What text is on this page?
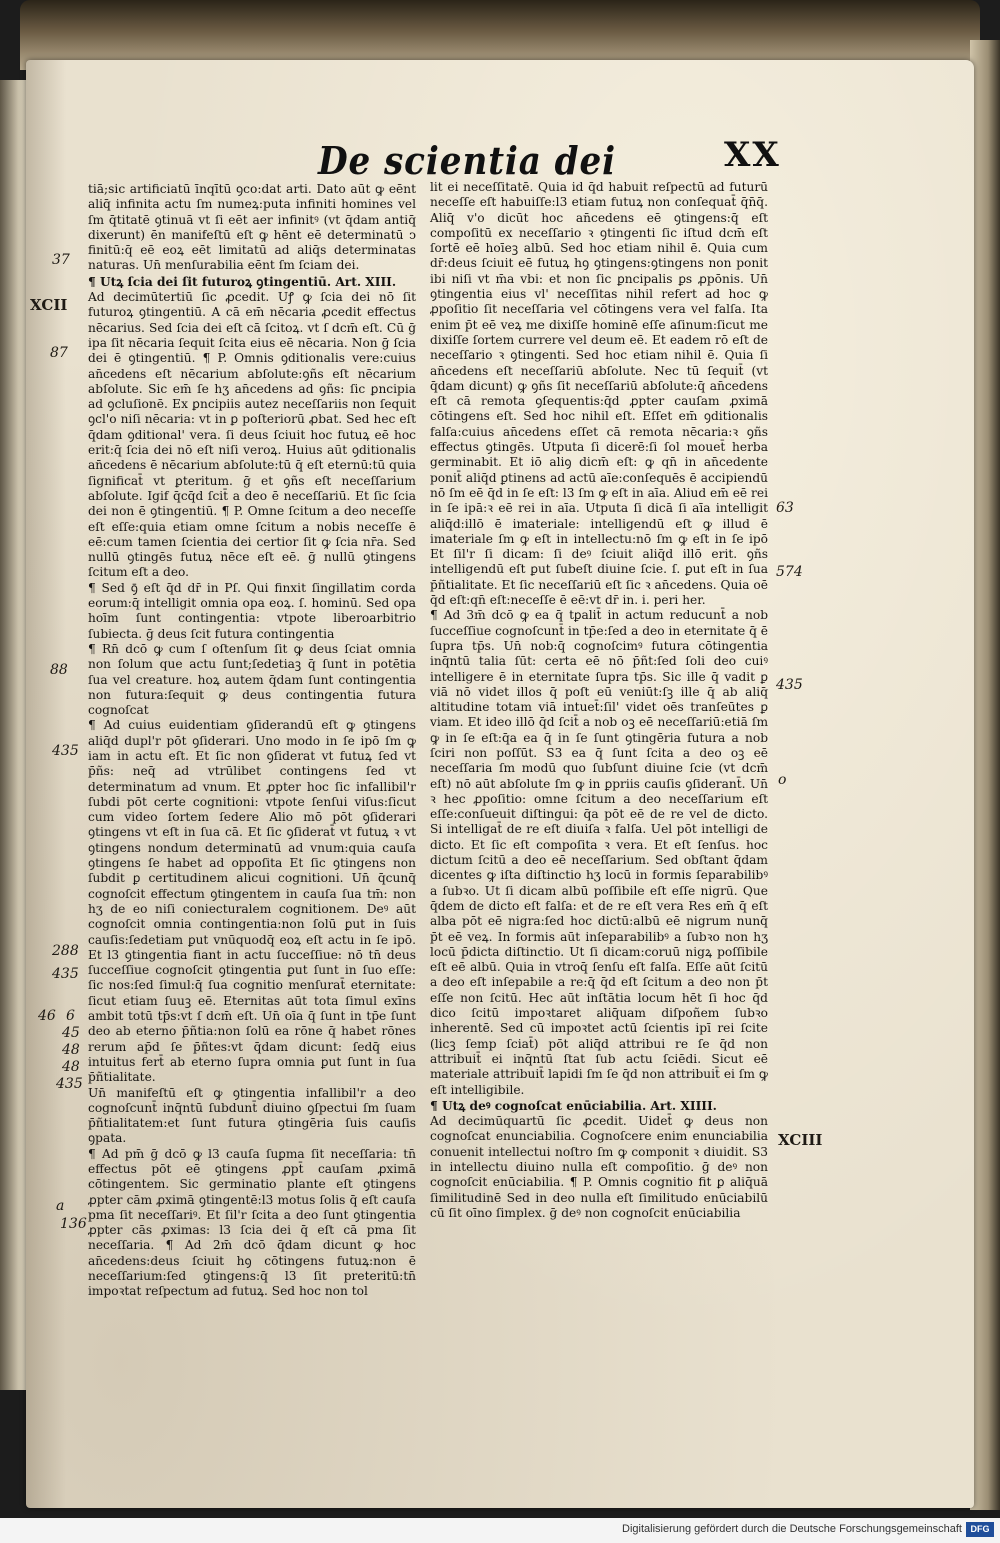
De scientia dei	XX

tiā;sic artificiatū īnqītū ꝯco:dat arti. Dato aūt ꝙ eēnt aliq̄ infinita actu ſm numeꝝ:puta infiniti homines vel ſm q̄titatē ꝯtinuā vt ſi eēt aer infinitꝰ (vt q̄dam antiq̄ dixerunt) ēn manifeſtū eſt ꝙ hēnt eē determinatū ↄ finitū:q̄ eē eoꝝ eēt limitatū ad aliq̄s determinatas naturas. Un̄ menſurabilia eēnt ſm ſciam dei.

¶ Utꝝ ſcia dei ſit futuroꝝ ꝯtingentiū. Art. XIII.

Ad decimūtertiū ſic ꝓcedit. Uꝭ ꝙ ſcia dei nō ſit futuroꝝ ꝯtingentiū. A cā em̄ nēcaria ꝓcedit effectus nēcarius. Sed ſcia dei eſt cā ſcitoꝝ. vt ſ dcm̄ eſt. Cū ḡ ipa ſit nēcaria ſequit ſcita eius eē nēcaria. Non ḡ ſcia dei ē ꝯtingentiū. ¶ P. Omnis ꝯditionalis vere:cuius an̄cedens eſt nēcarium abſolute:ꝯñs eſt nēcarium abſolute. Sic em̄ ſe hʒ an̄cedens ad ꝯñs: ſic ꝑncipia ad ꝯcluſionē. Ex ꝑncipiis autez neceſſariis non ſequit ꝯcl'o niſi nēcaria: vt in ꝑ poſteriorū ꝓbat. Sed hec eſt q̄dam ꝯditional' vera. ſi deus ſciuit hoc futuꝝ eē hoc erit:q̄ ſcia dei nō eſt niſi veroꝝ. Huius aūt ꝯditionalis an̄cedens ē nēcarium abſolute:tū q̄ eſt eternū:tū quia ſignificat̄ vt ꝑteritum. ḡ et ꝯñs eſt neceſſarium abſolute. Igif q̄cq̄d ſcit̄ a deo ē neceſſariū. Et ſic ſcia dei non ē ꝯtingentiū. ¶ P. Omne ſcitum a deo neceſſe eſt eſſe:quia etiam omne ſcitum a nobis neceſſe ē eē:cum tamen ſcientia dei certior ſit ꝙ ſcia nr̄a. Sed nullū ꝯtingēs futuꝝ nēce eſt eē. ḡ nullū ꝯtingens ſcitum eſt a deo.

¶ Sed ꝯ̄ eſt q̄d dr̄ in Pſ. Qui finxit ſingillatim corda eorum:q̄ intelligit omnia opa eoꝝ. ſ. hominū. Sed opa hoīm ſunt contingentia: vtpote liberoarbitrio ſubiecta. ḡ deus ſcit futura contingentia

¶ Rn̄ dcō ꝙ cum ſ oſtenſum ſit ꝙ deus ſciat omnia non ſolum que actu ſunt;ſedetiaꝫ q̄ ſunt in potētia ſua vel creature. hoꝝ autem q̄dam ſunt contingentia non futura:ſequit ꝙ deus contingentia futura cognoſcat

¶ Ad cuius euidentiam ꝯſiderandū eſt ꝙ ꝯtingens aliq̄d dupl'r pōt ꝯſiderari. Uno modo in ſe ipō ſm ꝙ iam in actu eſt. Et ſic non ꝯſiderat vt futuꝝ ſed vt p̄ñs: neq̄ ad vtrūlibet contingens ſed vt determinatum ad vnum. Et ꝓpter hoc ſic infallibil'r ſubdi pōt certe cognitioni: vtpote ſenſui viſus:ſicut cum video ſortem ſedere Alio mō pōt ꝯſiderari ꝯtingens vt eſt in ſua cā. Et ſic ꝯſiderat̄ vt futuꝝ ꝛ vt ꝯtingens nondum determinatū ad vnum:quia cauſa ꝯtingens ſe habet ad oppoſita Et ſic ꝯtingens non ſubdit ꝑ certitudinem alicui cognitioni. Un̄ q̄cunq̄ cognoſcit effectum ꝯtingentem in cauſa ſua tm̄: non hʒ de eo niſi coniecturalem cognitionem. Deꝰ aūt cognoſcit omnia contingentia:non ſolū ꝑut in ſuis cauſis:ſedetiam ꝑut vnūquodq̄ eoꝝ eſt actu in ſe ipō. Et l3 ꝯtingentia fiant in actu ſucceſſiue: nō tn̄ deus ſucceſſiue cognoſcit ꝯtingentia ꝑut ſunt in ſuo eſſe: ſic nos:ſed ſimul:q̄ ſua cognitio menſurat̄ eternitate: ſicut etiam ſuuꝫ eē. Eternitas aūt tota ſimul exīns ambit totū tp̄s:vt ſ dcm̄ eſt. Un̄ oīa q̄ ſunt in tp̄e ſunt deo ab eterno p̄ñtia:non ſolū ea rōne q̄ habet rōnes rerum ap̄d ſe p̄ñtes:vt q̄dam dicunt: ſedq̄ eius intuitus fert̄ ab eterno ſupra omnia ꝑut ſunt in ſua p̄ñtialitate.

Un̄ manifeſtū eſt ꝙ ꝯtingentia infallibil'r a deo cognoſcunt̄ inq̄ntū ſubdunt̄ diuino ꝯſpectui ſm ſuam p̄ñtialitatem:et ſunt futura ꝯtingēria ſuis cauſis ꝯpata.

¶ Ad pm̄ ḡ dcō ꝙ l3 cauſa ſuꝑma ſit neceſſaria: tn̄ effectus pōt eē ꝯtingens ꝓpt̄ cauſam ꝓximā cōtingentem. Sic germinatio plante eſt ꝯtingens ꝓpter cām ꝓximā ꝯtingentē:l3 motus ſolis q̄ eſt cauſa pma ſit neceſſariꝰ. Et ſil'r ſcita a deo ſunt ꝯtingentia ꝓpter cās ꝓximas: l3 ſcia dei q̄ eſt cā pma ſit neceſſaria. ¶ Ad 2m̄ dcō q̄dam dicunt ꝙ hoc an̄cedens:deus ſciuit hꝯ cōtingens futuꝝ:non ē neceſſarium:ſed ꝯtingens:q̄ l3 ſit preteritū:tn̄ impoꝛtat reſpectum ad futuꝝ. Sed hoc non tol

lit ei neceſſitatē. Quia id q̄d habuit reſpectū ad futurū neceſſe eſt habuiſſe:l3 etiam futuꝝ non conſequat̄ q̄n̄q̄. Aliq̄ v'o dicūt hoc an̄cedens eē ꝯtingens:q̄ eſt compoſitū ex neceſſario ꝛ ꝯtingenti ſic iſtud dcm̄ eſt ſortē eē hoīeꝫ albū. Sed hoc etiam nihil ē. Quia cum dr̄:deus ſciuit eē futuꝝ hꝯ ꝯtingens:ꝯtingens non ponit ibi niſi vt m̄a vbi: et non ſic ꝑncipalis ꝑs ꝓpōnis. Un̄ ꝯtingentia eius vl' neceſſitas nihil refert ad hoc ꝙ ꝓpoſitio ſit neceſſaria vel cōtingens vera vel falſa. Ita enim p̄t eē veꝝ me dixiſſe hominē eſſe aſinum:ſicut me dixiſſe ſortem currere vel deum eē. Et eadem rō eſt de neceſſario ꝛ ꝯtingenti. Sed hoc etiam nihil ē. Quia ſi an̄cedens eſt neceſſariū abſolute. Nec tū ſequit̄ (vt q̄dam dicunt) ꝙ ꝯñs ſit neceſſariū abſolute:q̄ an̄cedens eſt cā remota ꝯſequentis:q̄d ꝓpter cauſam ꝓximā cōtingens eſt. Sed hoc nihil eſt. Eſſet em̄ ꝯditionalis falſa:cuius an̄cedens eſſet cā remota nēcaria:ꝛ ꝯñs effectus ꝯtingēs. Utputa ſi dicerē:ſi ſol mouet̄ herba germinabit. Et iō aliꝯ dicm̄ eſt: ꝙ qn̄ in an̄cedente ponit̄ aliq̄d ꝑtinens ad actū aīe:conſequēs ē accipiendū nō ſm eē q̄d in ſe eſt: l3 ſm ꝙ eſt in aīa. Aliud em̄ eē rei in ſe ipā:ꝛ eē rei in aīa. Utputa ſi dicā ſi aīa intelligit aliq̄d:illō ē imateriale: intelligendū eſt ꝙ illud ē imateriale ſm ꝙ eſt in intellectu:nō ſm ꝙ eſt in ſe ipō Et ſil'r ſi dicam: ſi deꝰ ſciuit aliq̄d illō erit. ꝯñs intelligendū eſt ꝑut ſubeſt diuine ſcie. ſ. ꝑut eſt in ſua p̄ñtialitate. Et ſic neceſſariū eſt ſic ꝛ an̄cedens. Quia oē q̄d eſt:qn̄ eſt:neceſſe ē eē:vt dr̄ in. i. peri her.

¶ Ad 3m̄ dcō ꝙ ea q̄ tꝑalit̄ in actum reducunt̄ a nob ſucceſſiue cognoſcunt̄ in tp̄e:ſed a deo in eternitate q̄ ē ſupra tp̄s. Un̄ nob:q̄ cognoſcimꝰ futura cōtingentia inq̄ntū talia ſūt: certa eē nō p̄ñt:ſed ſoli deo cuiꝰ intelligere ē in eternitate ſupra tp̄s. Sic ille q̄ vadit ꝑ viā nō videt illos q̄ poſt eū veniūt:ſꝫ ille q̄ ab aliq̄ altitudine totam viā intuet̄:ſil' videt oēs tranſeūtes ꝑ viam. Et ideo illō q̄d ſcit̄ a nob oꝫ eē neceſſariū:etiā ſm ꝙ in ſe eſt:q̄a ea q̄ in ſe ſunt ꝯtingēria futura a nob ſciri non poſſūt. S3 ea q̄ ſunt ſcita a deo oꝫ eē neceſſaria ſm modū quo ſubſunt diuine ſcie (vt dcm̄ eſt) nō aūt abſolute ſm ꝙ in ꝑpriis cauſis ꝯſiderant̄. Un̄ ꝛ hec ꝓpoſitio: omne ſcitum a deo neceſſarium eſt eſſe:conſueuit diſtingui: q̄a pōt eē de re vel de dicto. Si intelligat̄ de re eſt diuiſa ꝛ falſa. Uel pōt intelligi de dicto. Et ſic eſt compoſita ꝛ vera. Et eſt ſenſus. hoc dictum ſcitū a deo eē neceſſarium. Sed obſtant q̄dam dicentes ꝙ iſta diſtinctio hʒ locū in formis ſeparabilibꝰ a ſubꝛo. Ut ſi dicam albū poſſibile eſt eſſe nigrū. Que q̄dem de dicto eſt falſa: et de re eſt vera Res em̄ q̄ eſt alba pōt eē nigra:ſed hoc dictū:albū eē nigrum nunq̄ p̄t eē veꝝ. In formis aūt inſeparabilibꝰ a ſubꝛo non hʒ locū p̄dicta diſtinctio. Ut ſi dicam:coruū nigꝝ poſſibile eſt eē albū. Quia in vtroq̄ ſenſu eſt falſa. Eſſe aūt ſcitū a deo eſt inſepabile a re:q̄ q̄d eſt ſcitum a deo non p̄t eſſe non ſcitū. Hec aūt inſtātia locum hēt ſi hoc q̄d dico ſcitū impoꝛtaret aliq̄uam diſpoñem ſubꝛo inherentē. Sed cū impoꝛtet actū ſcientis ipī rei ſcite (licꝫ ſemp ſciat̄) pōt aliq̄d attribui re ſe q̄d non attribuit̄ ei inq̄ntū ſtat ſub actu ſciēdi. Sicut eē materiale attribuit̄ lapidi ſm ſe q̄d non attribuit̄ ei ſm ꝙ eſt intelligibile.

¶ Utꝝ deꝰ cognoſcat enūciabilia. Art. XIIII.

Ad decimūquartū ſic ꝓcedit. Uidet̄ ꝙ deus non cognoſcat enunciabilia. Cognoſcere enim enunciabilia conuenit intellectui noſtro ſm ꝙ componit ꝛ diuidit. S3 in intellectu diuino nulla eſt compoſitio. ḡ deꝰ non cognoſcit enūciabilia. ¶ P. Omnis cognitio fit ꝑ aliq̄uā ſimilitudinē Sed in deo nulla eſt ſimilitudo enūciabilū cū ſit oīno ſimplex. ḡ deꝰ non cognoſcit enūciabilia

37
XCII
87
88
435
288
435
46 6
45
48
48
435
a
136
63
574
435
o
XCIII
Digitalisierung gefördert durch die Deutsche Forschungsgemeinschaft DFG
